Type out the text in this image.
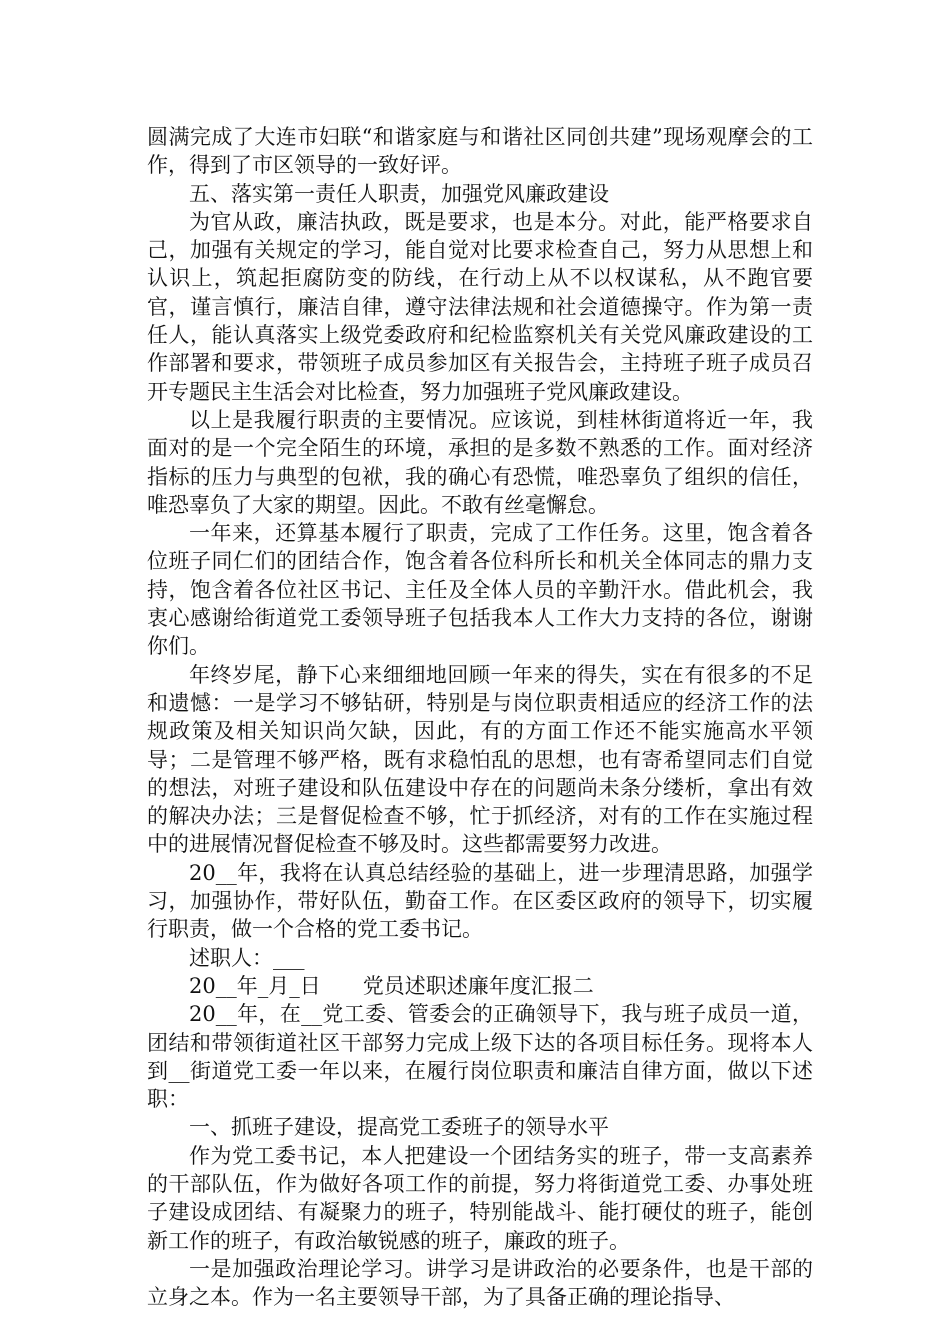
圆满完成了大连市妇联“和谐家庭与和谐社区同创共建”现场观摩会的工作，得到了市区领导的一致好评。

五、落实第一责任人职责，加强党风廉政建设

为官从政，廉洁执政，既是要求，也是本分。对此，能严格要求自己，加强有关规定的学习，能自觉对比要求检查自己，努力从思想上和认识上，筑起拒腐防变的防线，在行动上从不以权谋私，从不跑官要官，谨言慎行，廉洁自律，遵守法律法规和社会道德操守。作为第一责任人，能认真落实上级党委政府和纪检监察机关有关党风廉政建设的工作部署和要求，带领班子成员参加区有关报告会，主持班子班子成员召开专题民主生活会对比检查，努力加强班子党风廉政建设。

以上是我履行职责的主要情况。应该说，到桂林街道将近一年，我面对的是一个完全陌生的环境，承担的是多数不熟悉的工作。面对经济指标的压力与典型的包袱，我的确心有恐慌，唯恐辜负了组织的信任，唯恐辜负了大家的期望。因此。不敢有丝毫懈怠。

一年来，还算基本履行了职责，完成了工作任务。这里，饱含着各位班子同仁们的团结合作，饱含着各位科所长和机关全体同志的鼎力支持，饱含着各位社区书记、主任及全体人员的辛勤汗水。借此机会，我衷心感谢给街道党工委领导班子包括我本人工作大力支持的各位，谢谢你们。

年终岁尾，静下心来细细地回顾一年来的得失，实在有很多的不足和遗憾：一是学习不够钻研，特别是与岗位职责相适应的经济工作的法规政策及相关知识尚欠缺，因此，有的方面工作还不能实施高水平领导；二是管理不够严格，既有求稳怕乱的思想，也有寄希望同志们自觉的想法，对班子建设和队伍建设中存在的问题尚未条分缕析，拿出有效的解决办法；三是督促检查不够，忙于抓经济，对有的工作在实施过程中的进展情况督促检查不够及时。这些都需要努力改进。

20__年，我将在认真总结经验的基础上，进一步理清思路，加强学习，加强协作，带好队伍，勤奋工作。在区委区政府的领导下，切实履行职责，做一个合格的党工委书记。

述职人：___

20__年_月_日　　党员述职述廉年度汇报二

20__年，在__党工委、管委会的正确领导下，我与班子成员一道，团结和带领街道社区干部努力完成上级下达的各项目标任务。现将本人到__街道党工委一年以来，在履行岗位职责和廉洁自律方面，做以下述职：

一、抓班子建设，提高党工委班子的领导水平

作为党工委书记，本人把建设一个团结务实的班子，带一支高素养的干部队伍，作为做好各项工作的前提，努力将街道党工委、办事处班子建设成团结、有凝聚力的班子，特别能战斗、能打硬仗的班子，能创新工作的班子，有政治敏锐感的班子，廉政的班子。

一是加强政治理论学习。讲学习是讲政治的必要条件，也是干部的立身之本。作为一名主要领导干部，为了具备正确的理论指导、
